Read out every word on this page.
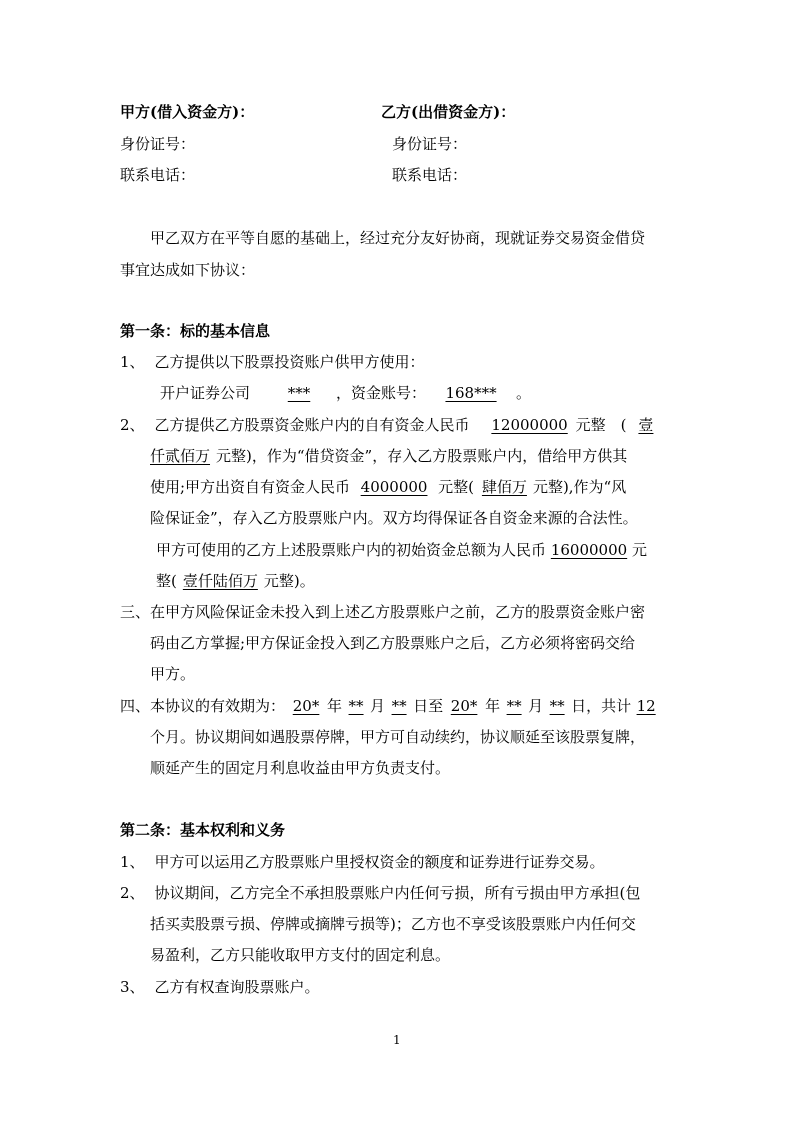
甲方(借入资金方)：	乙方(出借资金方)：
身份证号：	身份证号：
联系电话：	联系电话：
甲乙双方在平等自愿的基础上，经过充分友好协商，现就证券交易资金借贷
事宜达成如下协议：
第一条：标的基本信息
1、 乙方提供以下股票投资账户供甲方使用：
开户证券公司	*** ，资金账号： 168*** 。
2、 乙方提供乙方股票资金账户内的自有资金人民币 12000000 元整　( 壹
仟贰佰万 元整)，作为“借贷资金”，存入乙方股票账户内，借给甲方供其
使用;甲方出资自有资金人民币 4000000 元整( 肆佰万 元整),作为“风
险保证金”，存入乙方股票账户内。双方均得保证各自资金来源的合法性。
甲方可使用的乙方上述股票账户内的初始资金总额为人民币 16000000 元
整( 壹仟陆佰万 元整)。
三、在甲方风险保证金未投入到上述乙方股票账户之前，乙方的股票资金账户密
码由乙方掌握;甲方保证金投入到乙方股票账户之后，乙方必须将密码交给
甲方。
四、本协议的有效期为： 20* 年 ** 月 ** 日至 20* 年 ** 月 ** 日，共计 12
个月。协议期间如遇股票停牌，甲方可自动续约，协议顺延至该股票复牌，
顺延产生的固定月利息收益由甲方负责支付。
第二条：基本权利和义务
1、 甲方可以运用乙方股票账户里授权资金的额度和证券进行证券交易。
2、 协议期间，乙方完全不承担股票账户内任何亏损，所有亏损由甲方承担(包
括买卖股票亏损、停牌或摘牌亏损等)；乙方也不享受该股票账户内任何交
易盈利，乙方只能收取甲方支付的固定利息。
3、 乙方有权查询股票账户。
1
